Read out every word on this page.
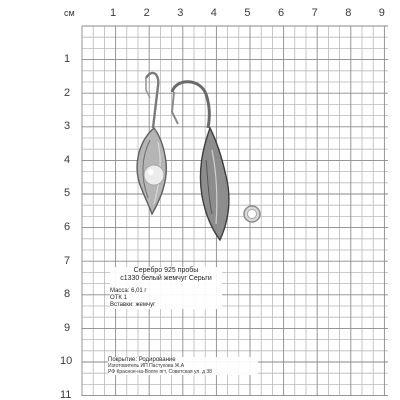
cм	1 2 3 4 5 6 7 8 9
1
2
3
4
5
6
7
8
9
10
11
Серебро 925 пробы
с1330 белый жемчуг Серьги
Масса: 6,01 г
ОТК 1
Вставки: жемчуг
Покрытие: Родирование
Изготовитель ИП Пастухова Ж.А
РФ Красное-на-Волге пгт, Советская ул. д 38
